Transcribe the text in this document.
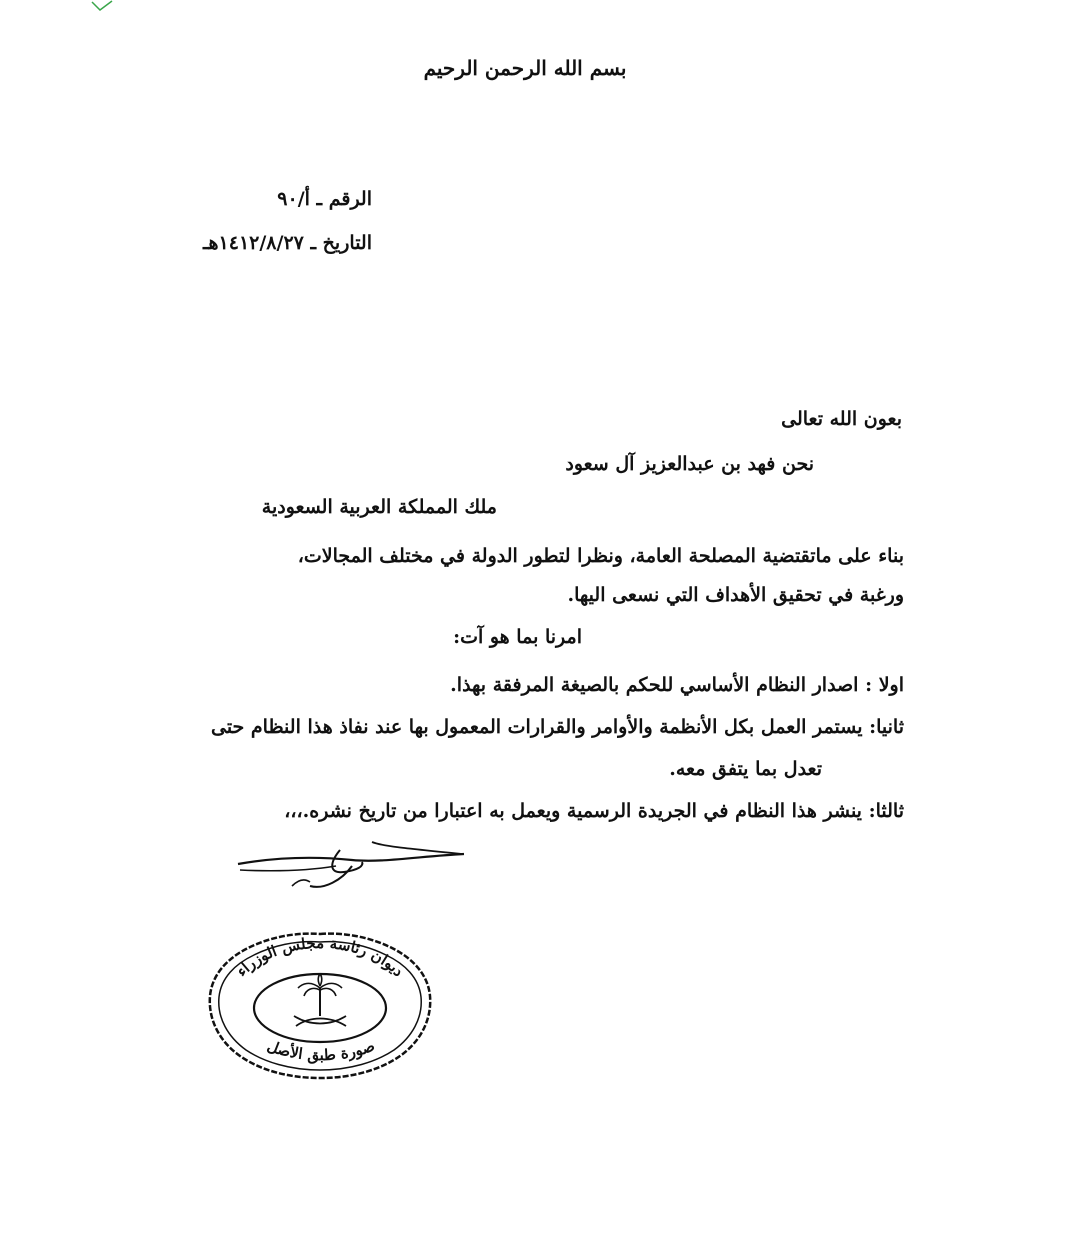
بسم الله الرحمن الرحيم
الرقم ـ أ/٩٠
التاريخ ـ ١٤١٢/٨/٢٧هـ
بعون الله تعالى
نحن فهد بن عبدالعزيز آل سعود
ملك المملكة العربية السعودية
بناء على ماتقتضية المصلحة العامة، ونظرا لتطور الدولة في مختلف المجالات،
ورغبة في تحقيق الأهداف التي نسعى اليها.
امرنا بما هو آت:
اولا : اصدار النظام الأساسي للحكم بالصيغة المرفقة بهذا.
ثانيا: يستمر العمل بكل الأنظمة والأوامر والقرارات المعمول بها عند نفاذ هذا النظام حتى
تعدل بما يتفق معه.
ثالثا: ينشر هذا النظام في الجريدة الرسمية ويعمل به اعتبارا من تاريخ نشره.،،،
ديوان رئاسة مجلس الوزراء
صورة طبق الأصل
